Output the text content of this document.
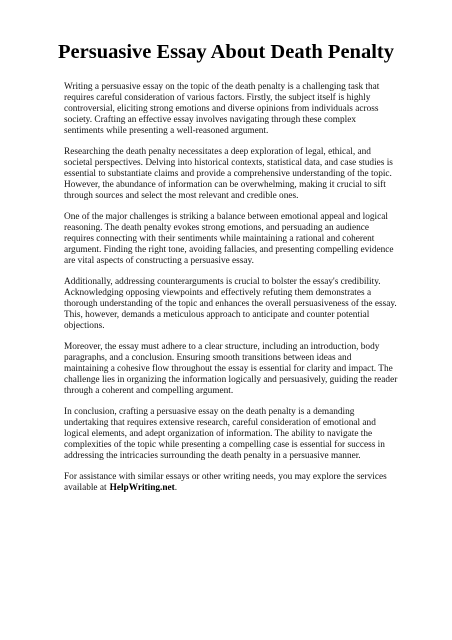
Persuasive Essay About Death Penalty

Writing a persuasive essay on the topic of the death penalty is a challenging task that requires careful consideration of various factors. Firstly, the subject itself is highly controversial, eliciting strong emotions and diverse opinions from individuals across society. Crafting an effective essay involves navigating through these complex sentiments while presenting a well-reasoned argument.

Researching the death penalty necessitates a deep exploration of legal, ethical, and societal perspectives. Delving into historical contexts, statistical data, and case studies is essential to substantiate claims and provide a comprehensive understanding of the topic. However, the abundance of information can be overwhelming, making it crucial to sift through sources and select the most relevant and credible ones.

One of the major challenges is striking a balance between emotional appeal and logical reasoning. The death penalty evokes strong emotions, and persuading an audience requires connecting with their sentiments while maintaining a rational and coherent argument. Finding the right tone, avoiding fallacies, and presenting compelling evidence are vital aspects of constructing a persuasive essay.

Additionally, addressing counterarguments is crucial to bolster the essay's credibility. Acknowledging opposing viewpoints and effectively refuting them demonstrates a thorough understanding of the topic and enhances the overall persuasiveness of the essay. This, however, demands a meticulous approach to anticipate and counter potential objections.

Moreover, the essay must adhere to a clear structure, including an introduction, body paragraphs, and a conclusion. Ensuring smooth transitions between ideas and maintaining a cohesive flow throughout the essay is essential for clarity and impact. The challenge lies in organizing the information logically and persuasively, guiding the reader through a coherent and compelling argument.

In conclusion, crafting a persuasive essay on the death penalty is a demanding undertaking that requires extensive research, careful consideration of emotional and logical elements, and adept organization of information. The ability to navigate the complexities of the topic while presenting a compelling case is essential for success in addressing the intricacies surrounding the death penalty in a persuasive manner.

For assistance with similar essays or other writing needs, you may explore the services available at HelpWriting.net.
